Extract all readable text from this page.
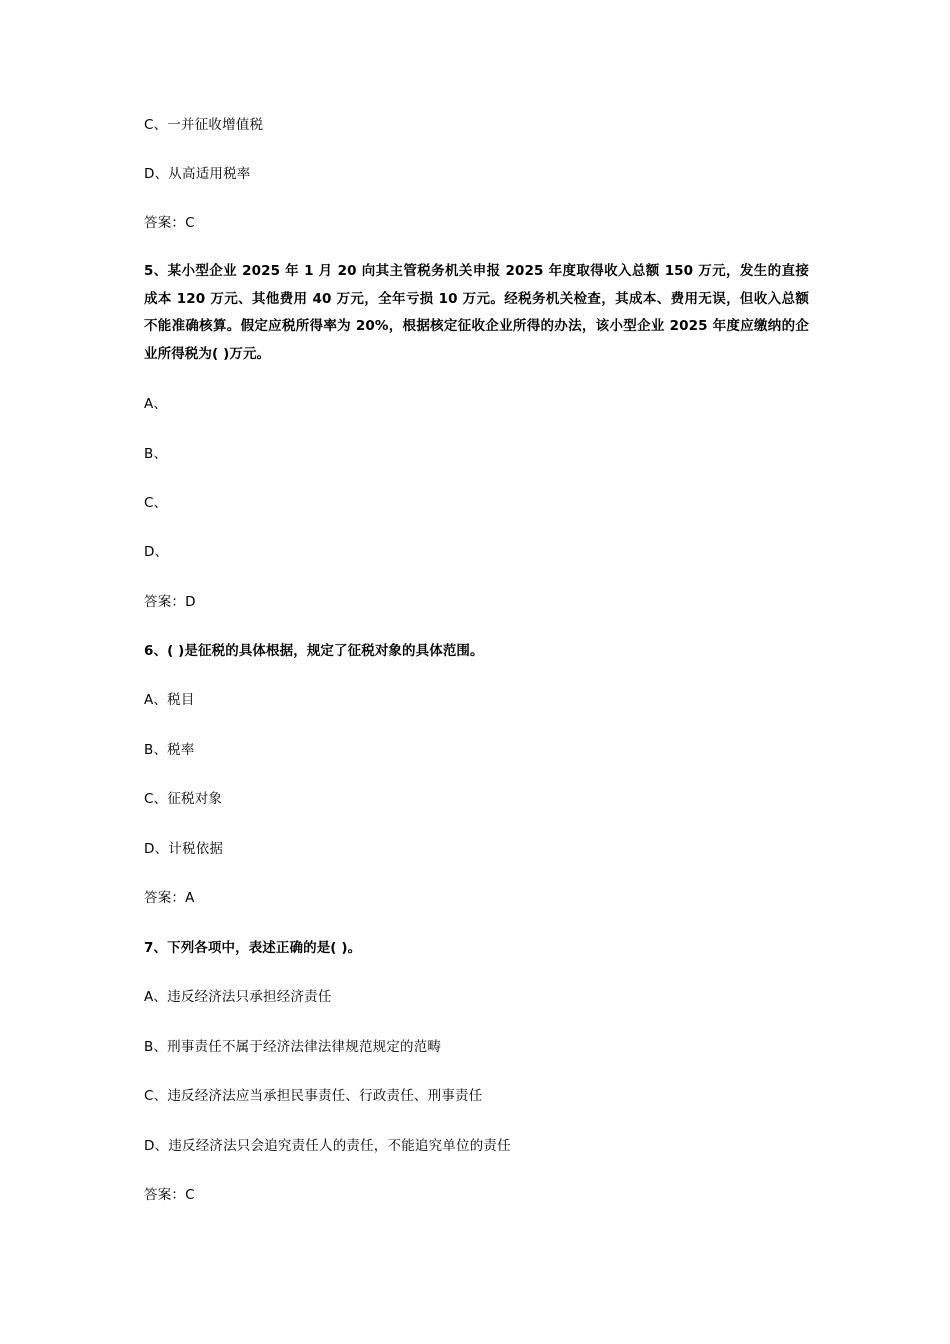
C、一并征收增值税
D、从高适用税率
答案：C
5、某小型企业 2025 年 1 月 20 向其主管税务机关申报 2025 年度取得收入总额 150 万元，发生的直接成本 120 万元、其他费用 40 万元，全年亏损 10 万元。经税务机关检查，其成本、费用无误，但收入总额不能准确核算。假定应税所得率为 20%，根据核定征收企业所得的办法，该小型企业 2025 年度应缴纳的企业所得税为( )万元。
A、
B、
C、
D、
答案：D
6、( )是征税的具体根据，规定了征税对象的具体范围。
A、税目
B、税率
C、征税对象
D、计税依据
答案：A
7、下列各项中，表述正确的是( )。
A、违反经济法只承担经济责任
B、刑事责任不属于经济法律法律规范规定的范畴
C、违反经济法应当承担民事责任、行政责任、刑事责任
D、违反经济法只会追究责任人的责任，不能追究单位的责任
答案：C
